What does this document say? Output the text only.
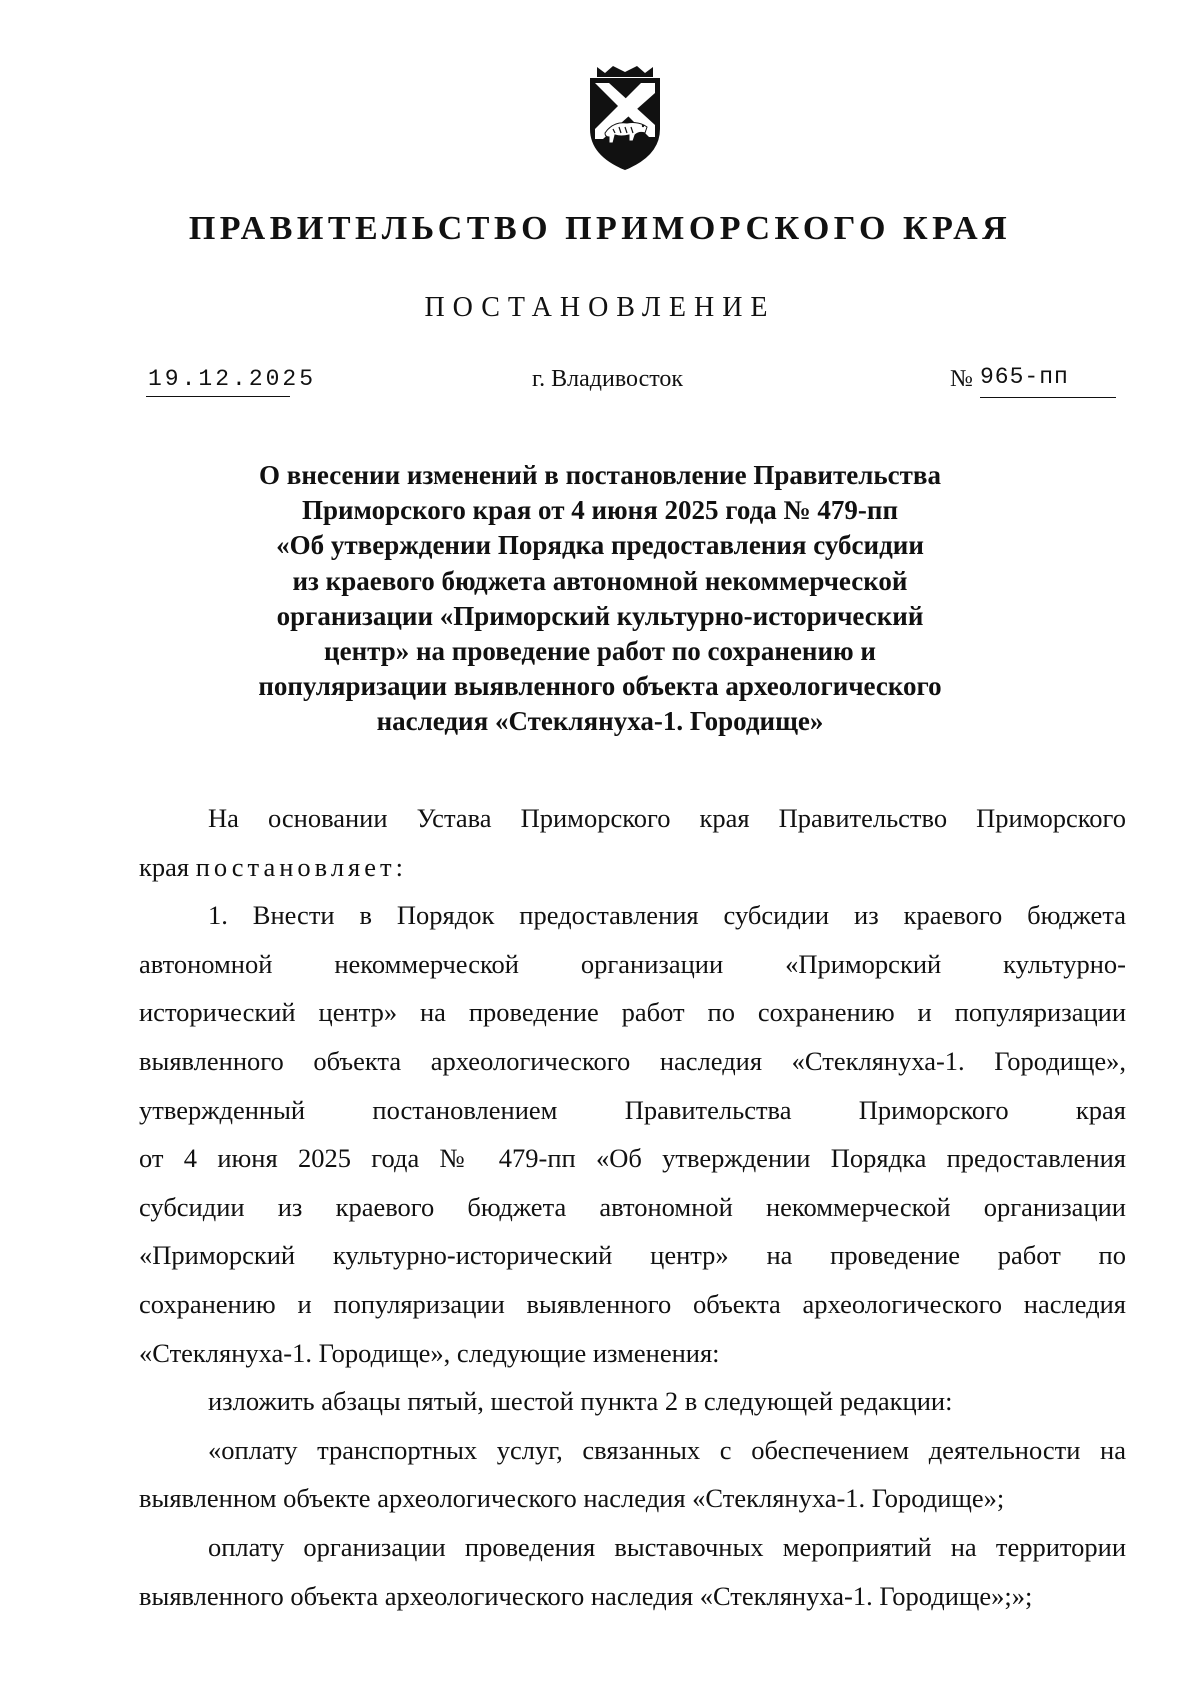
ПРАВИТЕЛЬСТВО ПРИМОРСКОГО КРАЯ
ПОСТАНОВЛЕНИЕ
19.12.2025	г. Владивосток	№ 965-пп
О внесении изменений в постановление Правительства
Приморского края от 4 июня 2025 года № 479-пп
«Об утверждении Порядка предоставления субсидии
из краевого бюджета автономной некоммерческой
организации «Приморский культурно-исторический
центр» на проведение работ по сохранению и
популяризации выявленного объекта археологического
наследия «Стеклянуха-1. Городище»
На основании Устава Приморского края Правительство Приморского
края постановляет:
1. Внести в Порядок предоставления субсидии из краевого бюджета
автономной некоммерческой организации «Приморский культурно-
исторический центр» на проведение работ по сохранению и популяризации
выявленного объекта археологического наследия «Стеклянуха-1. Городище»,
утвержденный постановлением Правительства Приморского края
от 4 июня 2025 года № 479-пп «Об утверждении Порядка предоставления
субсидии из краевого бюджета автономной некоммерческой организации
«Приморский культурно-исторический центр» на проведение работ по
сохранению и популяризации выявленного объекта археологического наследия
«Стеклянуха-1. Городище», следующие изменения:
изложить абзацы пятый, шестой пункта 2 в следующей редакции:
«оплату транспортных услуг, связанных с обеспечением деятельности на
выявленном объекте археологического наследия «Стеклянуха-1. Городище»;
оплату организации проведения выставочных мероприятий на территории
выявленного объекта археологического наследия «Стеклянуха-1. Городище»;»;
